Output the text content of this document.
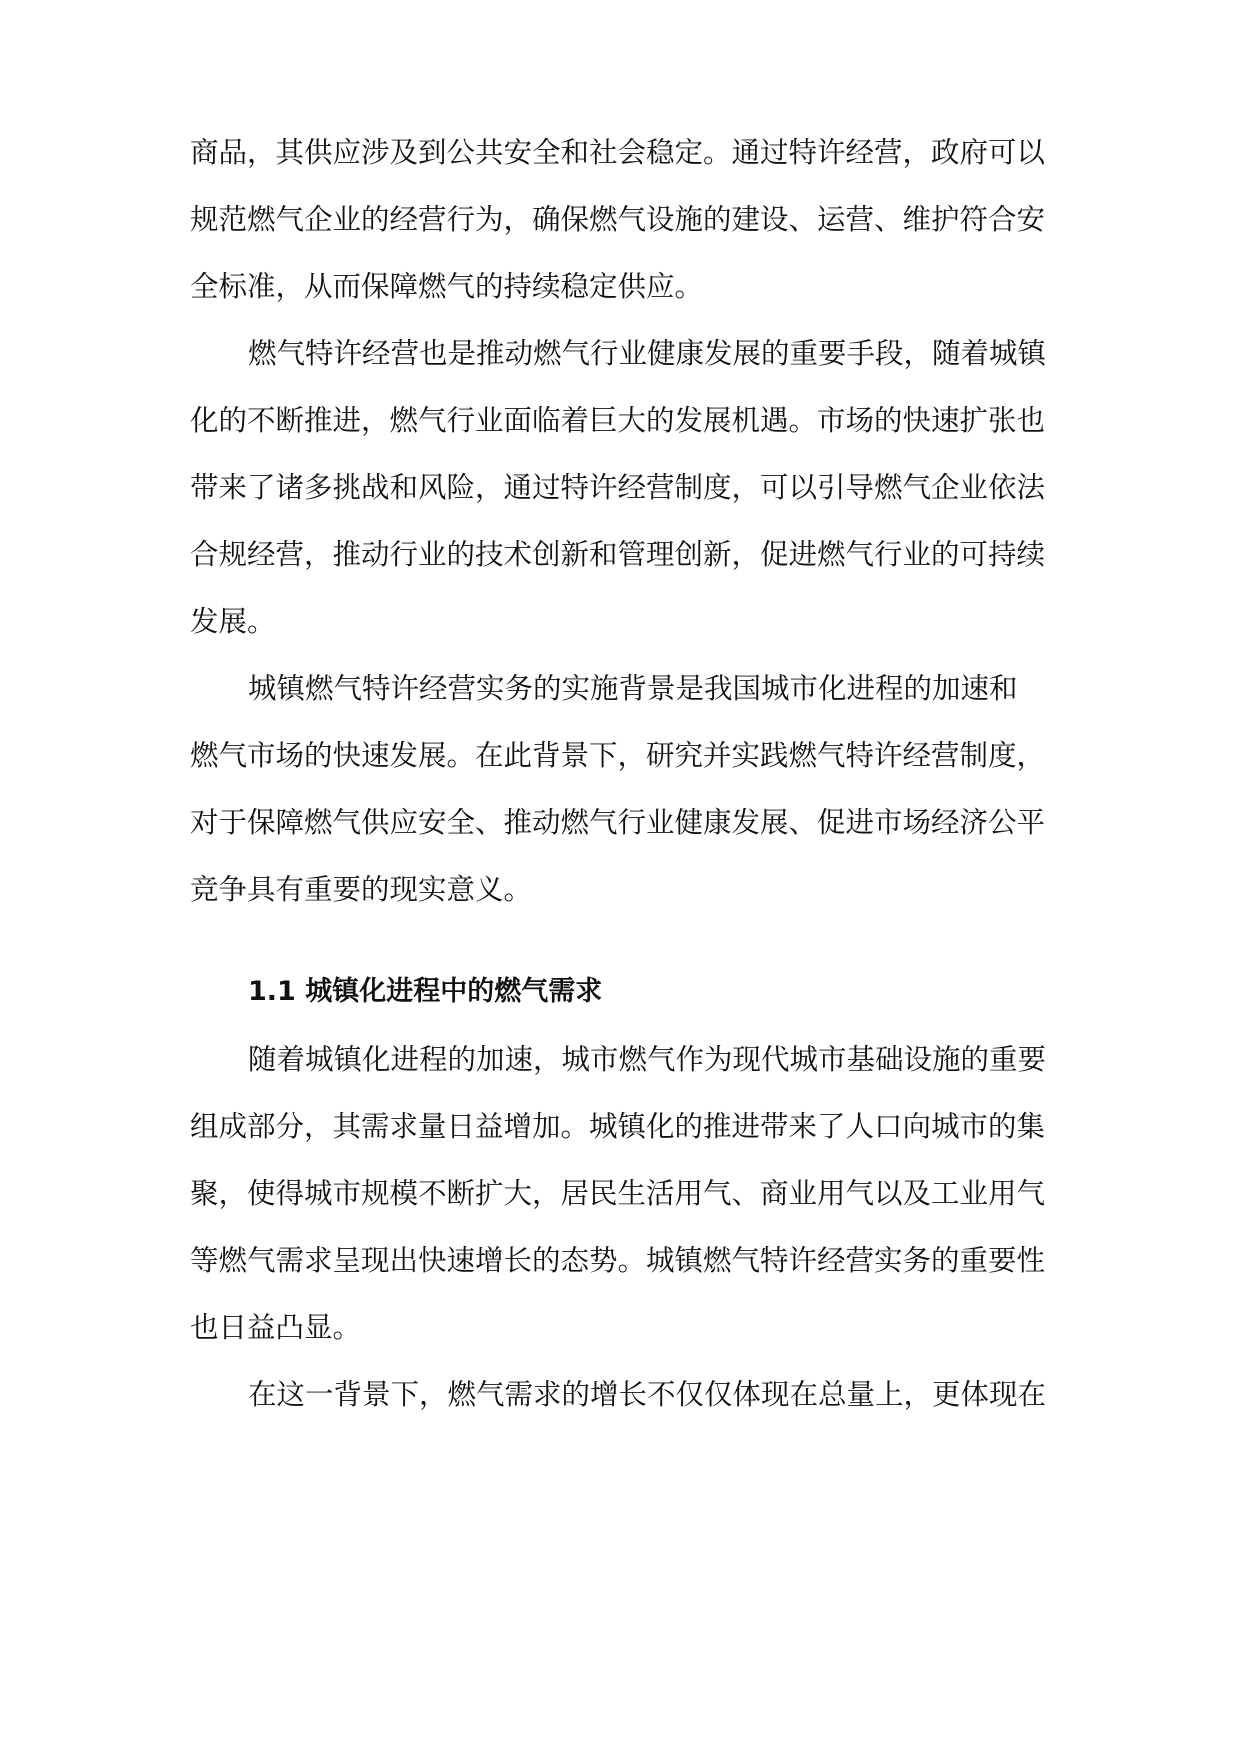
商品，其供应涉及到公共安全和社会稳定。通过特许经营，政府可以
规范燃气企业的经营行为，确保燃气设施的建设、运营、维护符合安
全标准，从而保障燃气的持续稳定供应。
燃气特许经营也是推动燃气行业健康发展的重要手段，随着城镇
化的不断推进，燃气行业面临着巨大的发展机遇。市场的快速扩张也
带来了诸多挑战和风险，通过特许经营制度，可以引导燃气企业依法
合规经营，推动行业的技术创新和管理创新，促进燃气行业的可持续
发展。
城镇燃气特许经营实务的实施背景是我国城市化进程的加速和
燃气市场的快速发展。在此背景下，研究并实践燃气特许经营制度，
对于保障燃气供应安全、推动燃气行业健康发展、促进市场经济公平
竞争具有重要的现实意义。
1.1 城镇化进程中的燃气需求
随着城镇化进程的加速，城市燃气作为现代城市基础设施的重要
组成部分，其需求量日益增加。城镇化的推进带来了人口向城市的集
聚，使得城市规模不断扩大，居民生活用气、商业用气以及工业用气
等燃气需求呈现出快速增长的态势。城镇燃气特许经营实务的重要性
也日益凸显。
在这一背景下，燃气需求的增长不仅仅体现在总量上，更体现在
